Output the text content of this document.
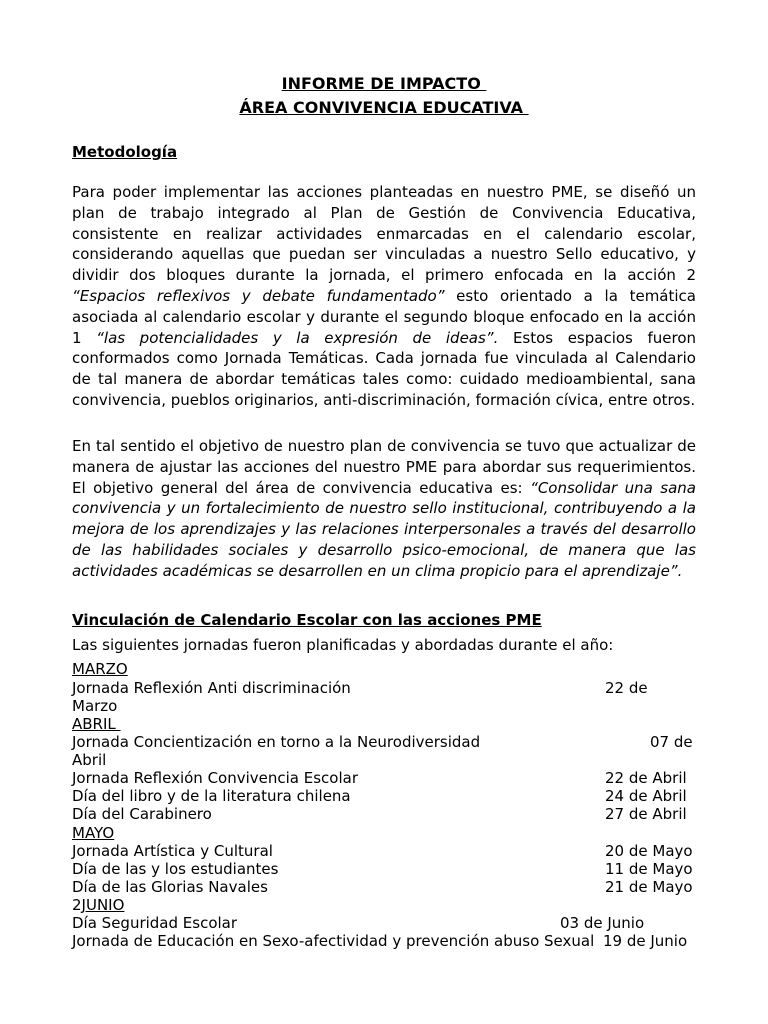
INFORME DE IMPACTO

ÁREA CONVIVENCIA EDUCATIVA

Metodología

Para poder implementar las acciones planteadas en nuestro PME, se diseñó un plan de trabajo integrado al Plan de Gestión de Convivencia Educativa, consistente en realizar actividades enmarcadas en el calendario escolar, considerando aquellas que puedan ser vinculadas a nuestro Sello educativo, y dividir dos bloques durante la jornada, el primero enfocada en la acción 2 “Espacios reflexivos y debate fundamentado” esto orientado a la temática asociada al calendario escolar y durante el segundo bloque enfocado en la acción 1 “las potencialidades y la expresión de ideas”. Estos espacios fueron conformados como Jornada Temáticas. Cada jornada fue vinculada al Calendario de tal manera de abordar temáticas tales como: cuidado medioambiental, sana convivencia, pueblos originarios, anti-discriminación, formación cívica, entre otros.

En tal sentido el objetivo de nuestro plan de convivencia se tuvo que actualizar de manera de ajustar las acciones del nuestro PME para abordar sus requerimientos. El objetivo general del área de convivencia educativa es: “Consolidar una sana convivencia y un fortalecimiento de nuestro sello institucional, contribuyendo a la mejora de los aprendizajes y las relaciones interpersonales a través del desarrollo de las habilidades sociales y desarrollo psico-emocional, de manera que las actividades académicas se desarrollen en un clima propicio para el aprendizaje”.

Vinculación de Calendario Escolar con las acciones PME

Las siguientes jornadas fueron planificadas y abordadas durante el año:

MARZO

Jornada Reflexión Anti discriminación	22 de

Marzo

ABRIL

Jornada Concientización en torno a la Neurodiversidad	07 de

Abril

Jornada Reflexión Convivencia Escolar	22 de Abril

Día del libro y de la literatura chilena	24 de Abril

Día del Carabinero	27 de Abril

MAYO

Jornada Artística y Cultural	20 de Mayo

Día de las y los estudiantes	11 de Mayo

Día de las Glorias Navales	21 de Mayo

2JUNIO

Día Seguridad Escolar	03 de Junio

Jornada de Educación en Sexo-afectividad y prevención abuso Sexual 19 de Junio
